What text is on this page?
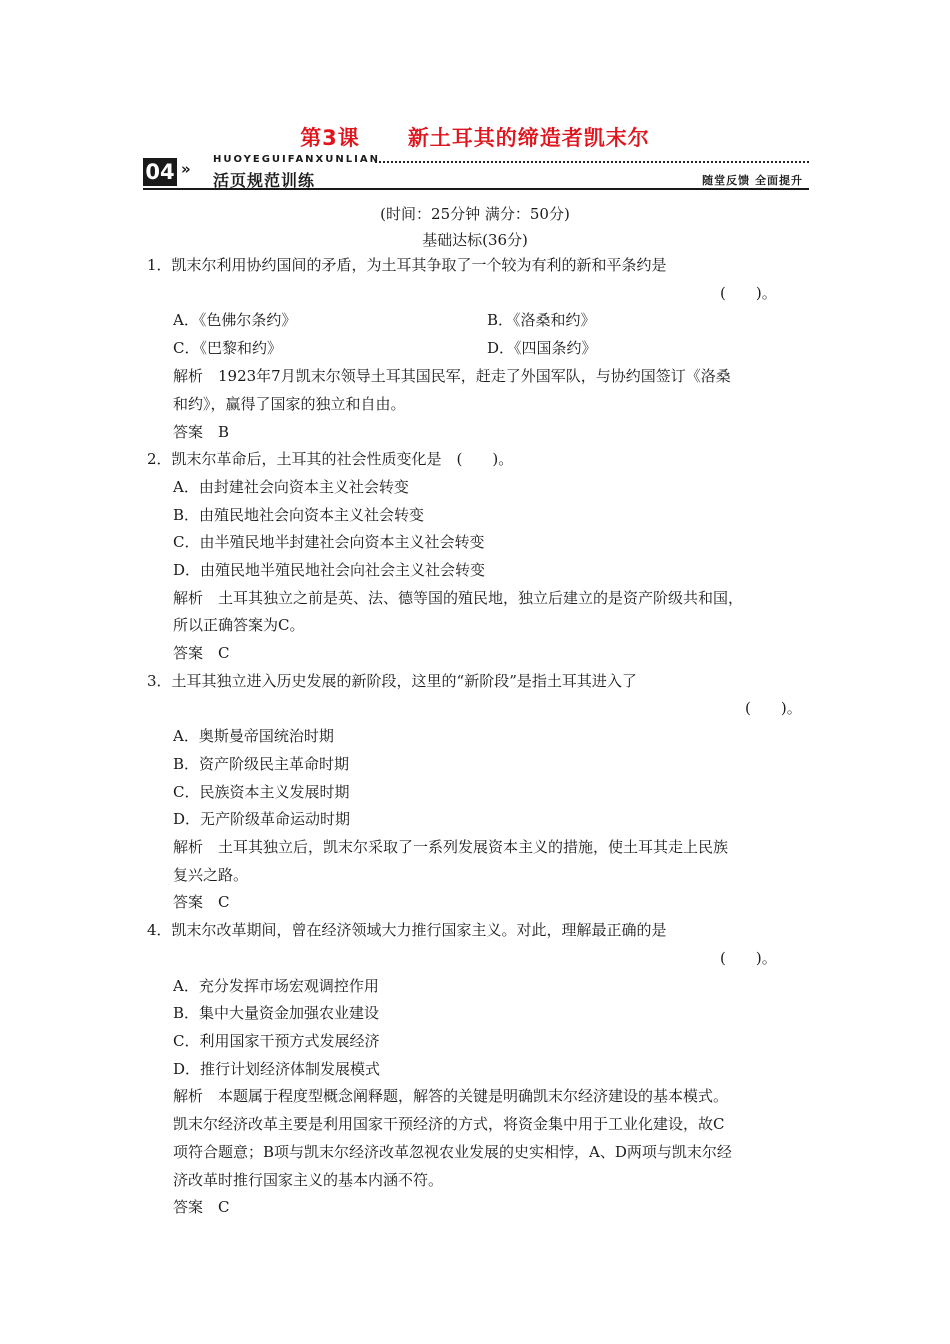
第3课 新土耳其的缔造者凯末尔
04 »
HUOYEGUIFANXUNLIAN
活页规范训练	随堂反馈 全面提升
(时间：25分钟 满分：50分)
基础达标(36分)
1．凯末尔利用协约国间的矛盾，为土耳其争取了一个较为有利的新和平条约是
(　　)。
A．《色佛尔条约》	B．《洛桑和约》
C．《巴黎和约》	D．《四国条约》
解析　1923年7月凯末尔领导土耳其国民军，赶走了外国军队，与协约国签订《洛桑
和约》，赢得了国家的独立和自由。
答案　B
2．凯末尔革命后，土耳其的社会性质变化是　(　　)。
A．由封建社会向资本主义社会转变
B．由殖民地社会向资本主义社会转变
C．由半殖民地半封建社会向资本主义社会转变
D．由殖民地半殖民地社会向社会主义社会转变
解析　土耳其独立之前是英、法、德等国的殖民地，独立后建立的是资产阶级共和国，
所以正确答案为C。
答案　C
3．土耳其独立进入历史发展的新阶段，这里的“新阶段”是指土耳其进入了
(　　)。
A．奥斯曼帝国统治时期
B．资产阶级民主革命时期
C．民族资本主义发展时期
D．无产阶级革命运动时期
解析　土耳其独立后，凯末尔采取了一系列发展资本主义的措施，使土耳其走上民族
复兴之路。
答案　C
4．凯末尔改革期间，曾在经济领域大力推行国家主义。对此，理解最正确的是
(　　)。
A．充分发挥市场宏观调控作用
B．集中大量资金加强农业建设
C．利用国家干预方式发展经济
D．推行计划经济体制发展模式
解析　本题属于程度型概念阐释题，解答的关键是明确凯末尔经济建设的基本模式。
凯末尔经济改革主要是利用国家干预经济的方式，将资金集中用于工业化建设，故C
项符合题意；B项与凯末尔经济改革忽视农业发展的史实相悖，A、D两项与凯末尔经
济改革时推行国家主义的基本内涵不符。
答案　C
